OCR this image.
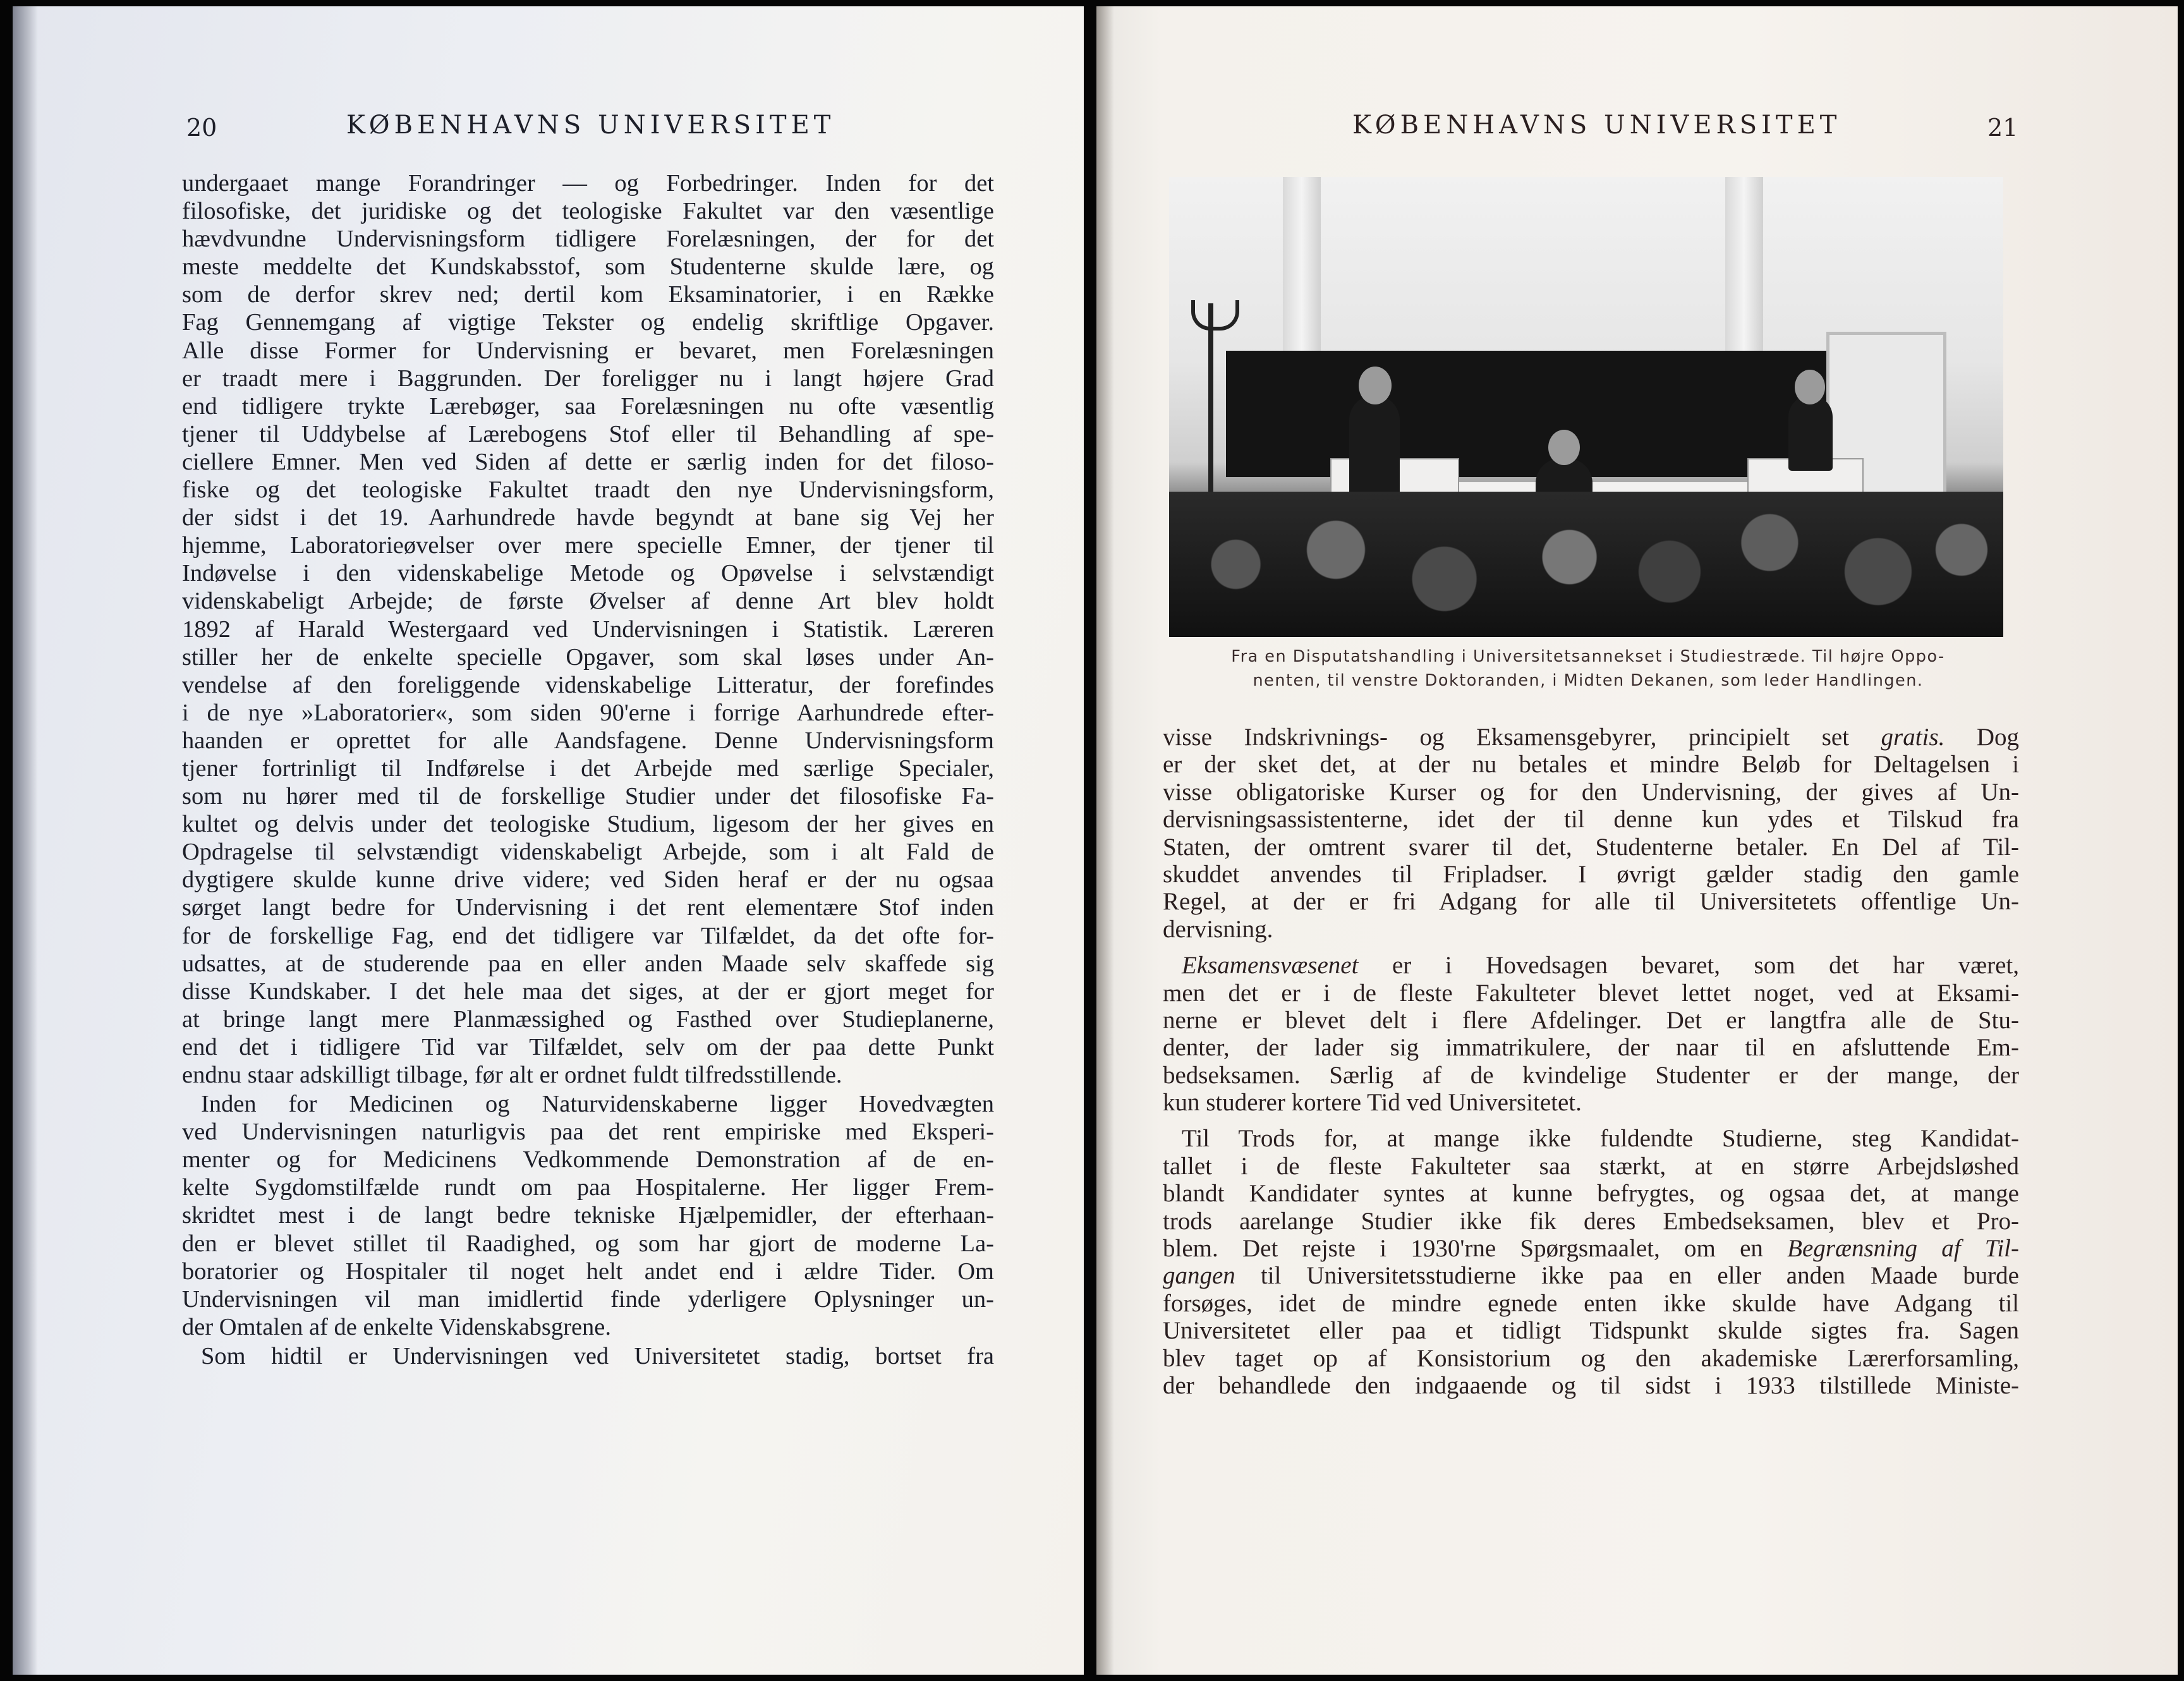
20	KØBENHAVNS UNIVERSITET
undergaaet mange Forandringer — og Forbedringer. Inden for det
filosofiske, det juridiske og det teologiske Fakultet var den væsentlige
hævdvundne Undervisningsform tidligere Forelæsningen, der for det
meste meddelte det Kundskabsstof, som Studenterne skulde lære, og
som de derfor skrev ned; dertil kom Eksaminatorier, i en Række
Fag Gennemgang af vigtige Tekster og endelig skriftlige Opgaver.
Alle disse Former for Undervisning er bevaret, men Forelæsningen
er traadt mere i Baggrunden. Der foreligger nu i langt højere Grad
end tidligere trykte Lærebøger, saa Forelæsningen nu ofte væsentlig
tjener til Uddybelse af Lærebogens Stof eller til Behandling af spe-
ciellere Emner. Men ved Siden af dette er særlig inden for det filoso-
fiske og det teologiske Fakultet traadt den nye Undervisningsform,
der sidst i det 19. Aarhundrede havde begyndt at bane sig Vej her
hjemme, Laboratorieøvelser over mere specielle Emner, der tjener til
Indøvelse i den videnskabelige Metode og Opøvelse i selvstændigt
videnskabeligt Arbejde; de første Øvelser af denne Art blev holdt
1892 af Harald Westergaard ved Undervisningen i Statistik. Læreren
stiller her de enkelte specielle Opgaver, som skal løses under An-
vendelse af den foreliggende videnskabelige Litteratur, der forefindes
i de nye »Laboratorier«, som siden 90'erne i forrige Aarhundrede efter-
haanden er oprettet for alle Aandsfagene. Denne Undervisningsform
tjener fortrinligt til Indførelse i det Arbejde med særlige Specialer,
som nu hører med til de forskellige Studier under det filosofiske Fa-
kultet og delvis under det teologiske Studium, ligesom der her gives en
Opdragelse til selvstændigt videnskabeligt Arbejde, som i alt Fald de
dygtigere skulde kunne drive videre; ved Siden heraf er der nu ogsaa
sørget langt bedre for Undervisning i det rent elementære Stof inden
for de forskellige Fag, end det tidligere var Tilfældet, da det ofte for-
udsattes, at de studerende paa en eller anden Maade selv skaffede sig
disse Kundskaber. I det hele maa det siges, at der er gjort meget for
at bringe langt mere Planmæssighed og Fasthed over Studieplanerne,
end det i tidligere Tid var Tilfældet, selv om der paa dette Punkt
endnu staar adskilligt tilbage, før alt er ordnet fuldt tilfredsstillende.
Inden for Medicinen og Naturvidenskaberne ligger Hovedvægten
ved Undervisningen naturligvis paa det rent empiriske med Eksperi-
menter og for Medicinens Vedkommende Demonstration af de en-
kelte Sygdomstilfælde rundt om paa Hospitalerne. Her ligger Frem-
skridtet mest i de langt bedre tekniske Hjælpemidler, der efterhaan-
den er blevet stillet til Raadighed, og som har gjort de moderne La-
boratorier og Hospitaler til noget helt andet end i ældre Tider. Om
Undervisningen vil man imidlertid finde yderligere Oplysninger un-
der Omtalen af de enkelte Videnskabsgrene.
Som hidtil er Undervisningen ved Universitetet stadig, bortset fra
KØBENHAVNS UNIVERSITET	21
Fra en Disputatshandling i Universitetsannekset i Studiestræde. Til højre Oppo-
nenten, til venstre Doktoranden, i Midten Dekanen, som leder Handlingen.
visse Indskrivnings- og Eksamensgebyrer, principielt set gratis. Dog
er der sket det, at der nu betales et mindre Beløb for Deltagelsen i
visse obligatoriske Kurser og for den Undervisning, der gives af Un-
dervisningsassistenterne, idet der til denne kun ydes et Tilskud fra
Staten, der omtrent svarer til det, Studenterne betaler. En Del af Til-
skuddet anvendes til Fripladser. I øvrigt gælder stadig den gamle
Regel, at der er fri Adgang for alle til Universitetets offentlige Un-
dervisning.
Eksamensvæsenet er i Hovedsagen bevaret, som det har været,
men det er i de fleste Fakulteter blevet lettet noget, ved at Eksami-
nerne er blevet delt i flere Afdelinger. Det er langtfra alle de Stu-
denter, der lader sig immatrikulere, der naar til en afsluttende Em-
bedseksamen. Særlig af de kvindelige Studenter er der mange, der
kun studerer kortere Tid ved Universitetet.
Til Trods for, at mange ikke fuldendte Studierne, steg Kandidat-
tallet i de fleste Fakulteter saa stærkt, at en større Arbejdsløshed
blandt Kandidater syntes at kunne befrygtes, og ogsaa det, at mange
trods aarelange Studier ikke fik deres Embedseksamen, blev et Pro-
blem. Det rejste i 1930'rne Spørgsmaalet, om en Begrænsning af Til-
gangen til Universitetsstudierne ikke paa en eller anden Maade burde
forsøges, idet de mindre egnede enten ikke skulde have Adgang til
Universitetet eller paa et tidligt Tidspunkt skulde sigtes fra. Sagen
blev taget op af Konsistorium og den akademiske Lærerforsamling,
der behandlede den indgaaende og til sidst i 1933 tilstillede Ministe-
